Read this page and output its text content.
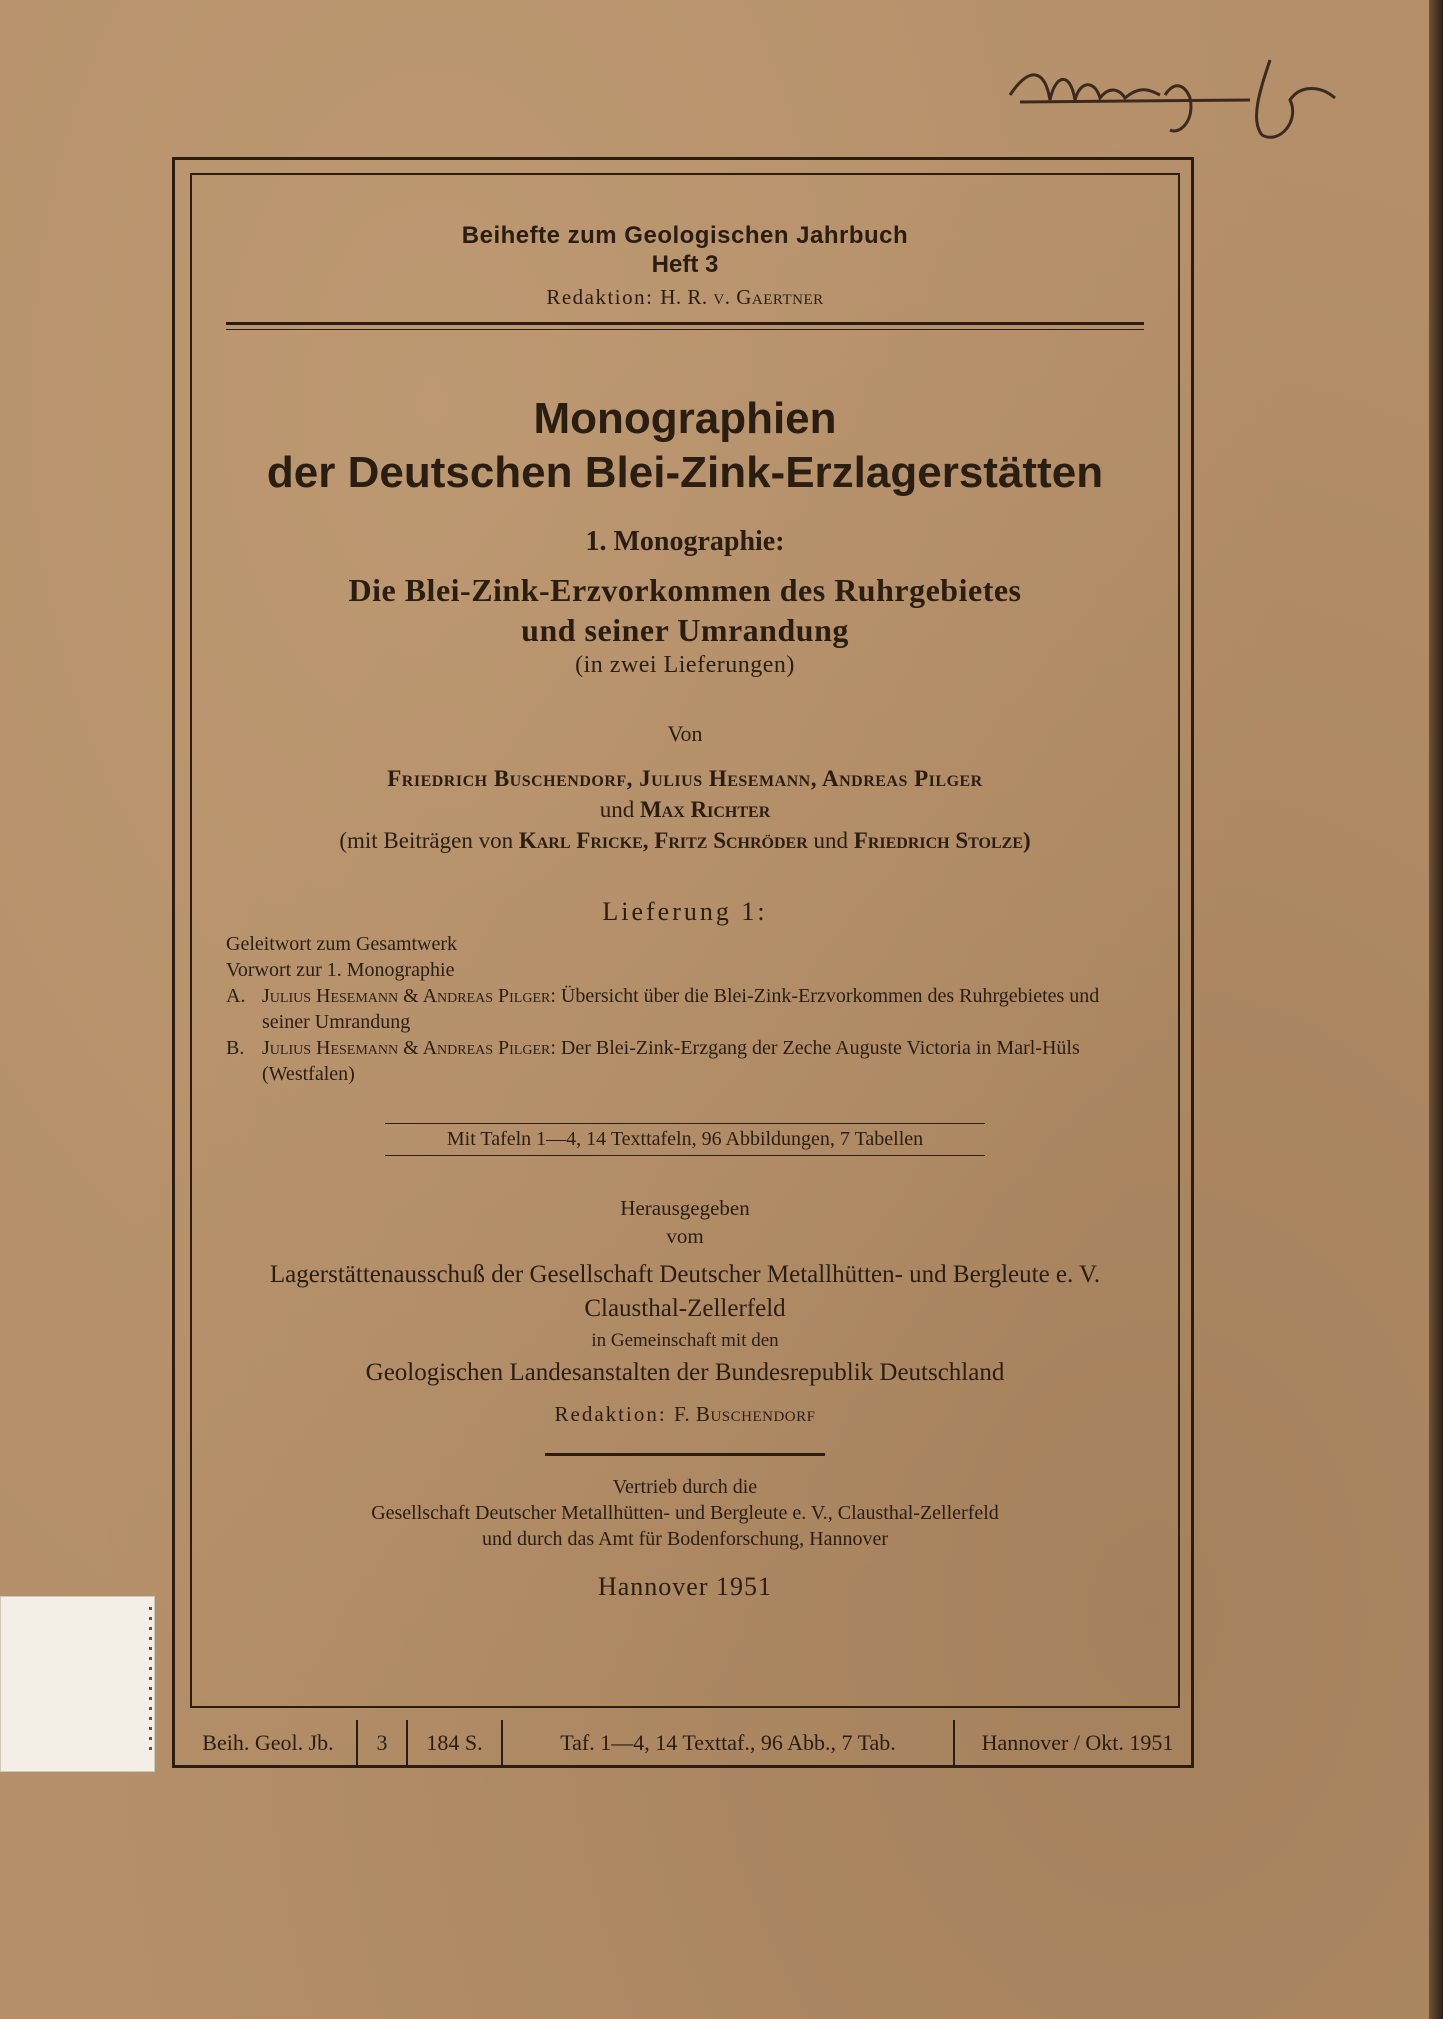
Beihefte zum Geologischen Jahrbuch
Heft 3
Redaktion: H. R. v. Gaertner
Monographien
der Deutschen Blei-Zink-Erzlagerstätten
1. Monographie:
Die Blei-Zink-Erzvorkommen des Ruhrgebietes
und seiner Umrandung
(in zwei Lieferungen)
Von
Friedrich Buschendorf, Julius Hesemann, Andreas Pilger
und Max Richter
(mit Beiträgen von Karl Fricke, Fritz Schröder und Friedrich Stolze)
Lieferung 1:
Geleitwort zum Gesamtwerk
Vorwort zur 1. Monographie
A. Julius Hesemann & Andreas Pilger: Übersicht über die Blei-Zink-Erzvorkommen des Ruhrgebietes und seiner Umrandung
B. Julius Hesemann & Andreas Pilger: Der Blei-Zink-Erzgang der Zeche Auguste Victoria in Marl-Hüls (Westfalen)
Mit Tafeln 1—4, 14 Texttafeln, 96 Abbildungen, 7 Tabellen
Herausgegeben
vom
Lagerstättenausschuß der Gesellschaft Deutscher Metallhütten- und Bergleute e. V.
Clausthal-Zellerfeld
in Gemeinschaft mit den
Geologischen Landesanstalten der Bundesrepublik Deutschland
Redaktion: F. Buschendorf
Vertrieb durch die
Gesellschaft Deutscher Metallhütten- und Bergleute e. V., Clausthal-Zellerfeld
und durch das Amt für Bodenforschung, Hannover
Hannover 1951
Beih. Geol. Jb.	3	184 S.	Taf. 1—4, 14 Texttaf., 96 Abb., 7 Tab.	Hannover / Okt. 1951
